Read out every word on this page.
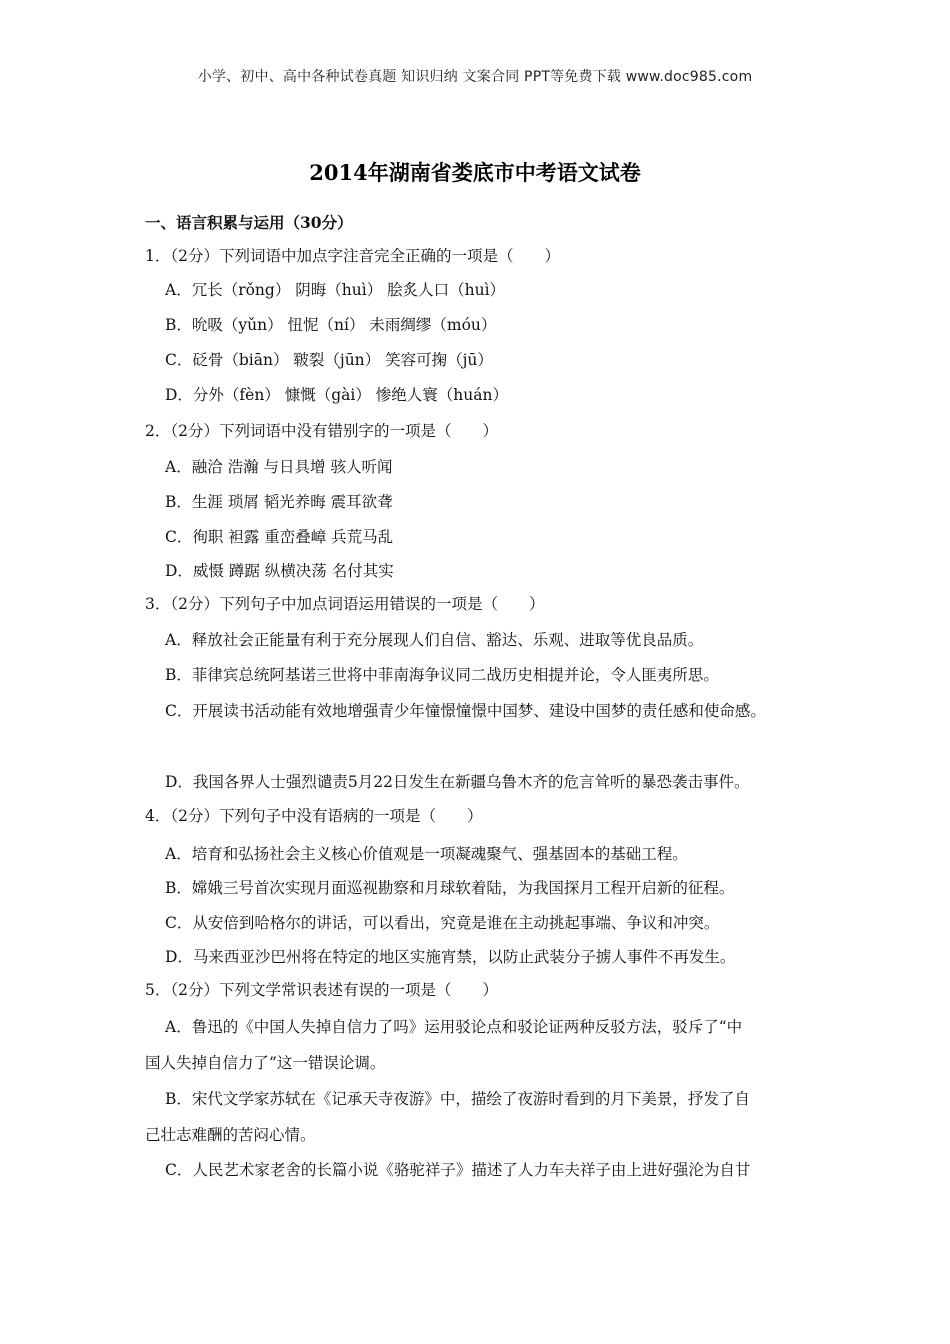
小学、初中、高中各种试卷真题 知识归纳 文案合同 PPT等免费下载 www.doc985.com
2014年湖南省娄底市中考语文试卷
一、语言积累与运用（30分）
1．（2分）下列词语中加点字注音完全正确的一项是（　　）
A．冗长（rǒng） 阴晦（huì） 脍炙人口（huì）
B．吮吸（yǔn） 忸怩（ní） 未雨绸缪（móu）
C．砭骨（biān） 皲裂（jūn） 笑容可掬（jū）
D．分外（fèn） 慷慨（gài） 惨绝人寰（huán）
2．（2分）下列词语中没有错别字的一项是（　　）
A．融洽 浩瀚 与日具增 骇人听闻
B．生涯 琐屑 韬光养晦 震耳欲聋
C．徇职 袒露 重峦叠嶂 兵荒马乱
D．威慑 蹲踞 纵横决荡 名付其实
3．（2分）下列句子中加点词语运用错误的一项是（　　）
A．释放社会正能量有利于充分展现人们自信、豁达、乐观、进取等优良品质。
B．菲律宾总统阿基诺三世将中菲南海争议同二战历史相提并论，令人匪夷所思。
C．开展读书活动能有效地增强青少年憧憬憧憬中国梦、建设中国梦的责任感和使命感。
D．我国各界人士强烈谴责5月22日发生在新疆乌鲁木齐的危言耸听的暴恐袭击事件。
4．（2分）下列句子中没有语病的一项是（　　）
A．培育和弘扬社会主义核心价值观是一项凝魂聚气、强基固本的基础工程。
B．嫦娥三号首次实现月面巡视勘察和月球软着陆，为我国探月工程开启新的征程。
C．从安倍到哈格尔的讲话，可以看出，究竟是谁在主动挑起事端、争议和冲突。
D．马来西亚沙巴州将在特定的地区实施宵禁，以防止武装分子掳人事件不再发生。
5．（2分）下列文学常识表述有误的一项是（　　）
A．鲁迅的《中国人失掉自信力了吗》运用驳论点和驳论证两种反驳方法，驳斥了“中
国人失掉自信力了”这一错误论调。
B．宋代文学家苏轼在《记承天寺夜游》中，描绘了夜游时看到的月下美景，抒发了自
己壮志难酬的苦闷心情。
C．人民艺术家老舍的长篇小说《骆驼祥子》描述了人力车夫祥子由上进好强沦为自甘
